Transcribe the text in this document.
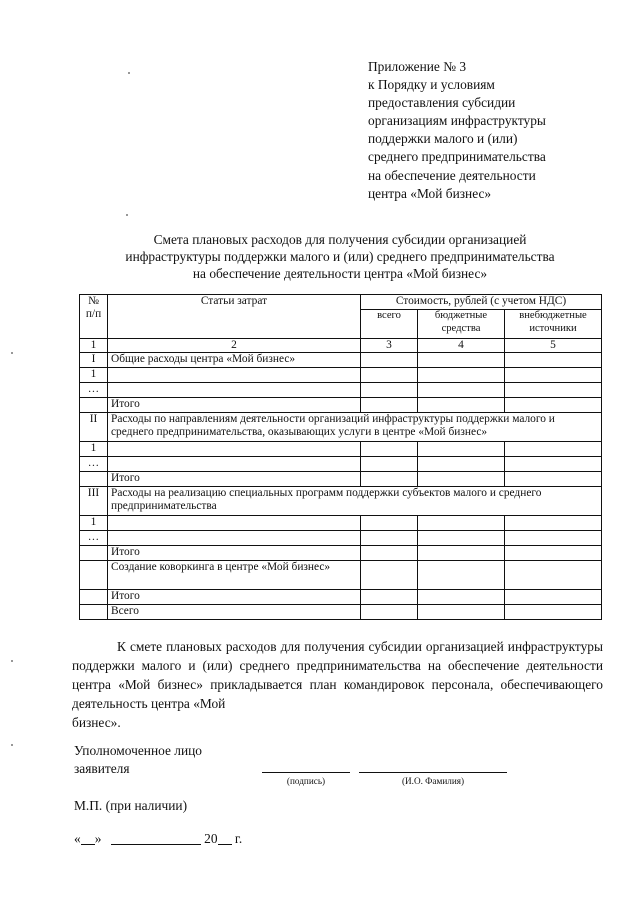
Приложение № 3
к Порядку и условиям
предоставления субсидии
организациям инфраструктуры
поддержки малого и (или)
среднего предпринимательства
на обеспечение деятельности
центра «Мой бизнес»
Смета плановых расходов для получения субсидии организацией
инфраструктуры поддержки малого и (или) среднего предпринимательства
на обеспечение деятельности центра «Мой бизнес»
№ п/п	Статьи затрат	Стоимость, рублей (с учетом НДС)		
		всего	бюджетные средства	внебюджетные источники
1	2	3	4	5
I	Общие расходы центра «Мой бизнес»			
1				
…				
	Итого			
II	Расходы по направлениям деятельности организаций инфраструктуры поддержки малого и среднего предпринимательства, оказывающих услуги в центре «Мой бизнес»			
1				
…				
	Итого			
III	Расходы на реализацию специальных программ поддержки субъектов малого и среднего предпринимательства			
1				
…				
	Итого			
	Создание коворкинга в центре «Мой бизнес»			
	Итого			
	Всего			
К смете плановых расходов для получения субсидии организацией инфраструктуры поддержки малого и (или) среднего предпринимательства на обеспечение деятельности центра «Мой бизнес» прикладывается план командировок персонала, обеспечивающего деятельность центра «Мой
бизнес».
Уполномоченное лицо
заявителя
(подпись)	(И.О. Фамилия)
М.П. (при наличии)
« »	20 г.
